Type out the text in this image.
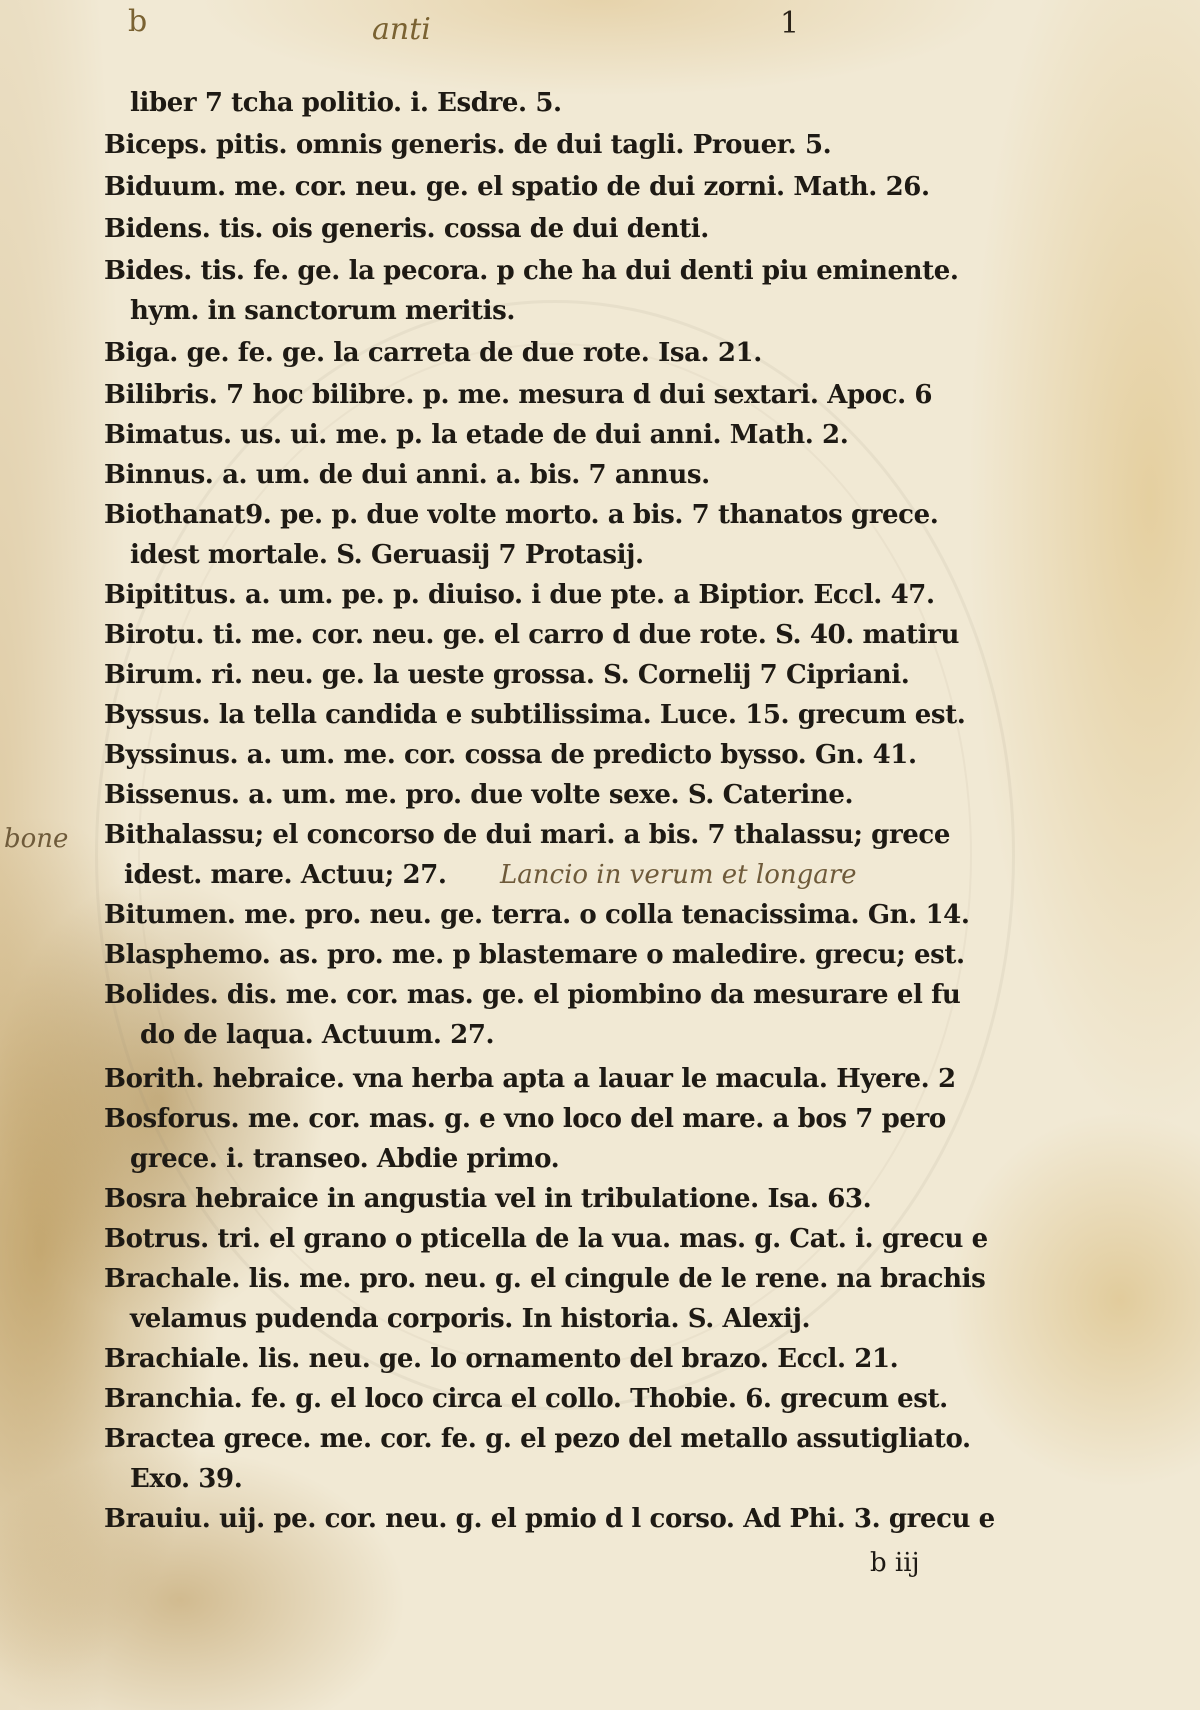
b	anti	1
liber 7 tcha politio. i. Esdre. 5.
Biceps. pitis. omnis generis. de dui tagli. Prouer. 5.
Biduum. me. cor. neu. ge. el spatio de dui zorni. Math. 26.
Bidens. tis. ois generis. cossa de dui denti.
Bides. tis. fe. ge. la pecora. p che ha dui denti piu eminente.
hym. in sanctorum meritis.
Biga. ge. fe. ge. la carreta de due rote. Isa. 21.
Bilibris. 7 hoc bilibre. p. me. mesura d dui sextari. Apoc. 6
Bimatus. us. ui. me. p. la etade de dui anni. Math. 2.
Binnus. a. um. de dui anni. a. bis. 7 annus.
Biothanat9. pe. p. due volte morto. a bis. 7 thanatos grece.
idest mortale. S. Geruasij 7 Protasij.
Bipititus. a. um. pe. p. diuiso. i due pte. a Biptior. Eccl. 47.
Birotu. ti. me. cor. neu. ge. el carro d due rote. S. 40. matiru
Birum. ri. neu. ge. la ueste grossa. S. Cornelij 7 Cipriani.
Byssus. la tella candida e subtilissima. Luce. 15. grecum est.
Byssinus. a. um. me. cor. cossa de predicto bysso. Gn. 41.
Bissenus. a. um. me. pro. due volte sexe. S. Caterine.
Bithalassu; el concorso de dui mari. a bis. 7 thalassu; grece
idest. mare. Actuu; 27.
Bitumen. me. pro. neu. ge. terra. o colla tenacissima. Gn. 14.
Blasphemo. as. pro. me. p blastemare o maledire. grecu; est.
Bolides. dis. me. cor. mas. ge. el piombino da mesurare el fu
do de laqua. Actuum. 27.
Borith. hebraice. vna herba apta a lauar le macula. Hyere. 2
Bosforus. me. cor. mas. g. e vno loco del mare. a bos 7 pero
grece. i. transeo. Abdie primo.
Bosra hebraice in angustia vel in tribulatione. Isa. 63.
Botrus. tri. el grano o pticella de la vua. mas. g. Cat. i. grecu e
Brachale. lis. me. pro. neu. g. el cingule de le rene. na brachis
velamus pudenda corporis. In historia. S. Alexij.
Brachiale. lis. neu. ge. lo ornamento del brazo. Eccl. 21.
Branchia. fe. g. el loco circa el collo. Thobie. 6. grecum est.
Bractea grece. me. cor. fe. g. el pezo del metallo assutigliato.
Exo. 39.
Brauiu. uij. pe. cor. neu. g. el pmio d l corso. Ad Phi. 3. grecu e
bone
Lancio in verum et longare
b iij
